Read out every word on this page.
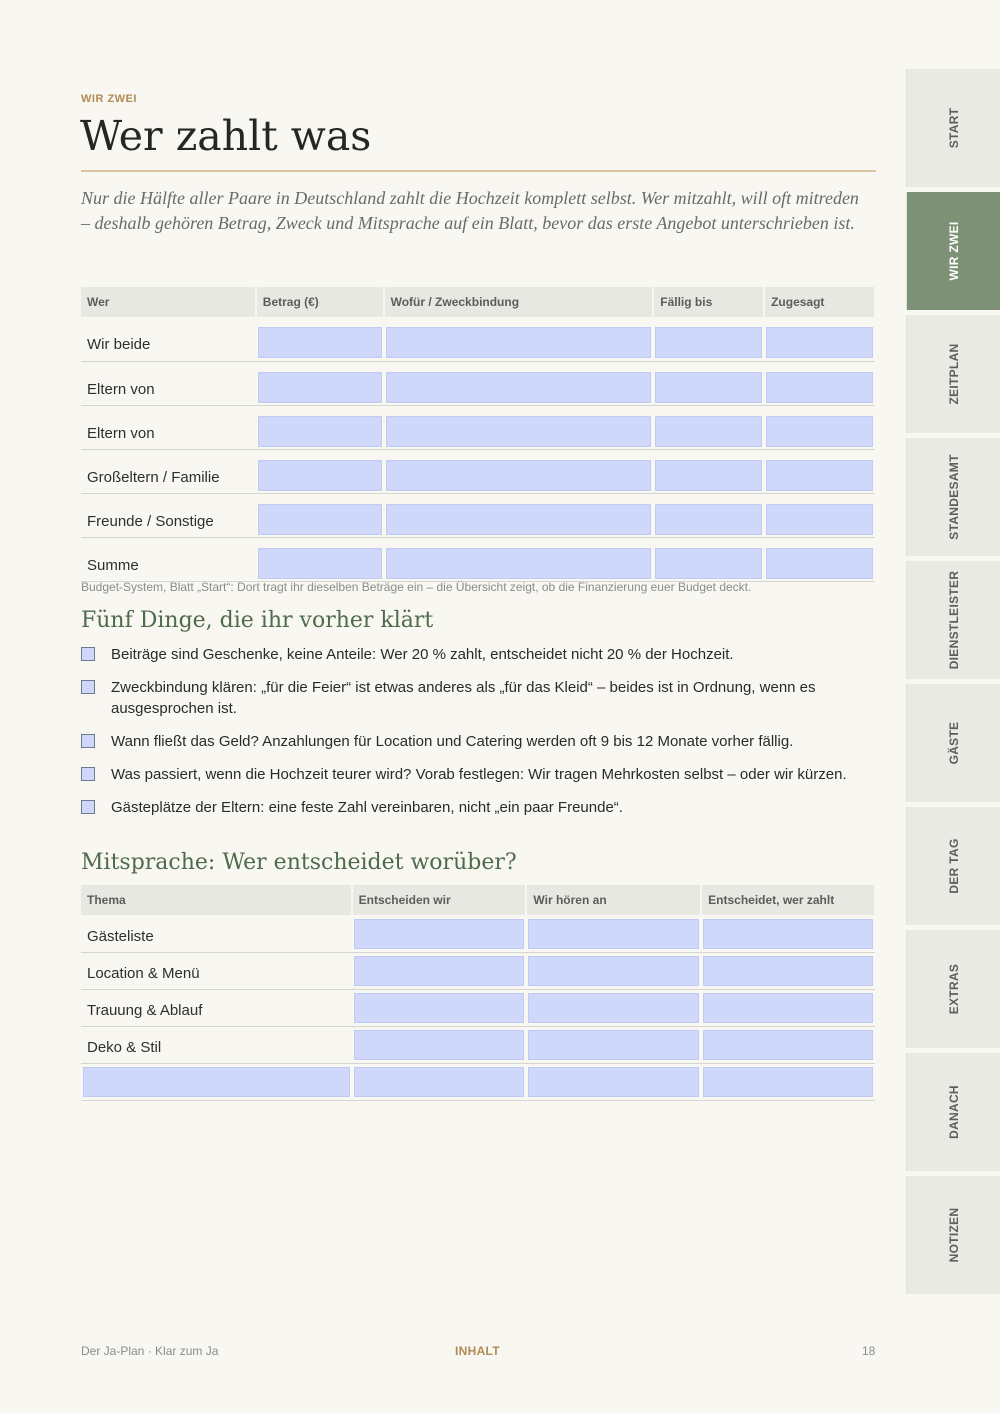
WIR ZWEI
Wer zahlt was

Nur die Hälfte aller Paare in Deutschland zahlt die Hochzeit komplett selbst. Wer mitzahlt, will oft mitreden – deshalb gehören Betrag, Zweck und Mitsprache auf ein Blatt, bevor das erste Angebot unterschrieben ist.

Wer	Betrag (€)	Wofür / Zweckbindung	Fällig bis	Zugesagt
Wir beide	

Eltern von	

Eltern von	

Großeltern / Familie	

Freunde / Sonstige	

Summe	

Budget-System, Blatt „Start“: Dort tragt ihr dieselben Beträge ein – die Übersicht zeigt, ob die Finanzierung euer Budget deckt.
Fünf Dinge, die ihr vorher klärt
Beiträge sind Geschenke, keine Anteile: Wer 20 % zahlt, entscheidet nicht 20 % der Hochzeit.
Zweckbindung klären: „für die Feier“ ist etwas anderes als „für das Kleid“ – beides ist in Ordnung, wenn es ausgesprochen ist.
Wann fließt das Geld? Anzahlungen für Location und Catering werden oft 9 bis 12 Monate vorher fällig.
Was passiert, wenn die Hochzeit teurer wird? Vorab festlegen: Wir tragen Mehrkosten selbst – oder wir kürzen.
Gästeplätze der Eltern: eine feste Zahl vereinbaren, nicht „ein paar Freunde“.
Mitsprache: Wer entscheidet worüber?
Thema	Entscheiden wir	Wir hören an	Entscheidet, wer zahlt
Gästeliste	

Location & Menü	

Trauung & Ablauf	

Deko & Stil	

Der Ja-Plan · Klar zum Ja	INHALT	18
START
WIR ZWEI
ZEITPLAN
STANDESAMT
DIENSTLEISTER
GÄSTE
DER TAG
EXTRAS
DANACH
NOTIZEN
